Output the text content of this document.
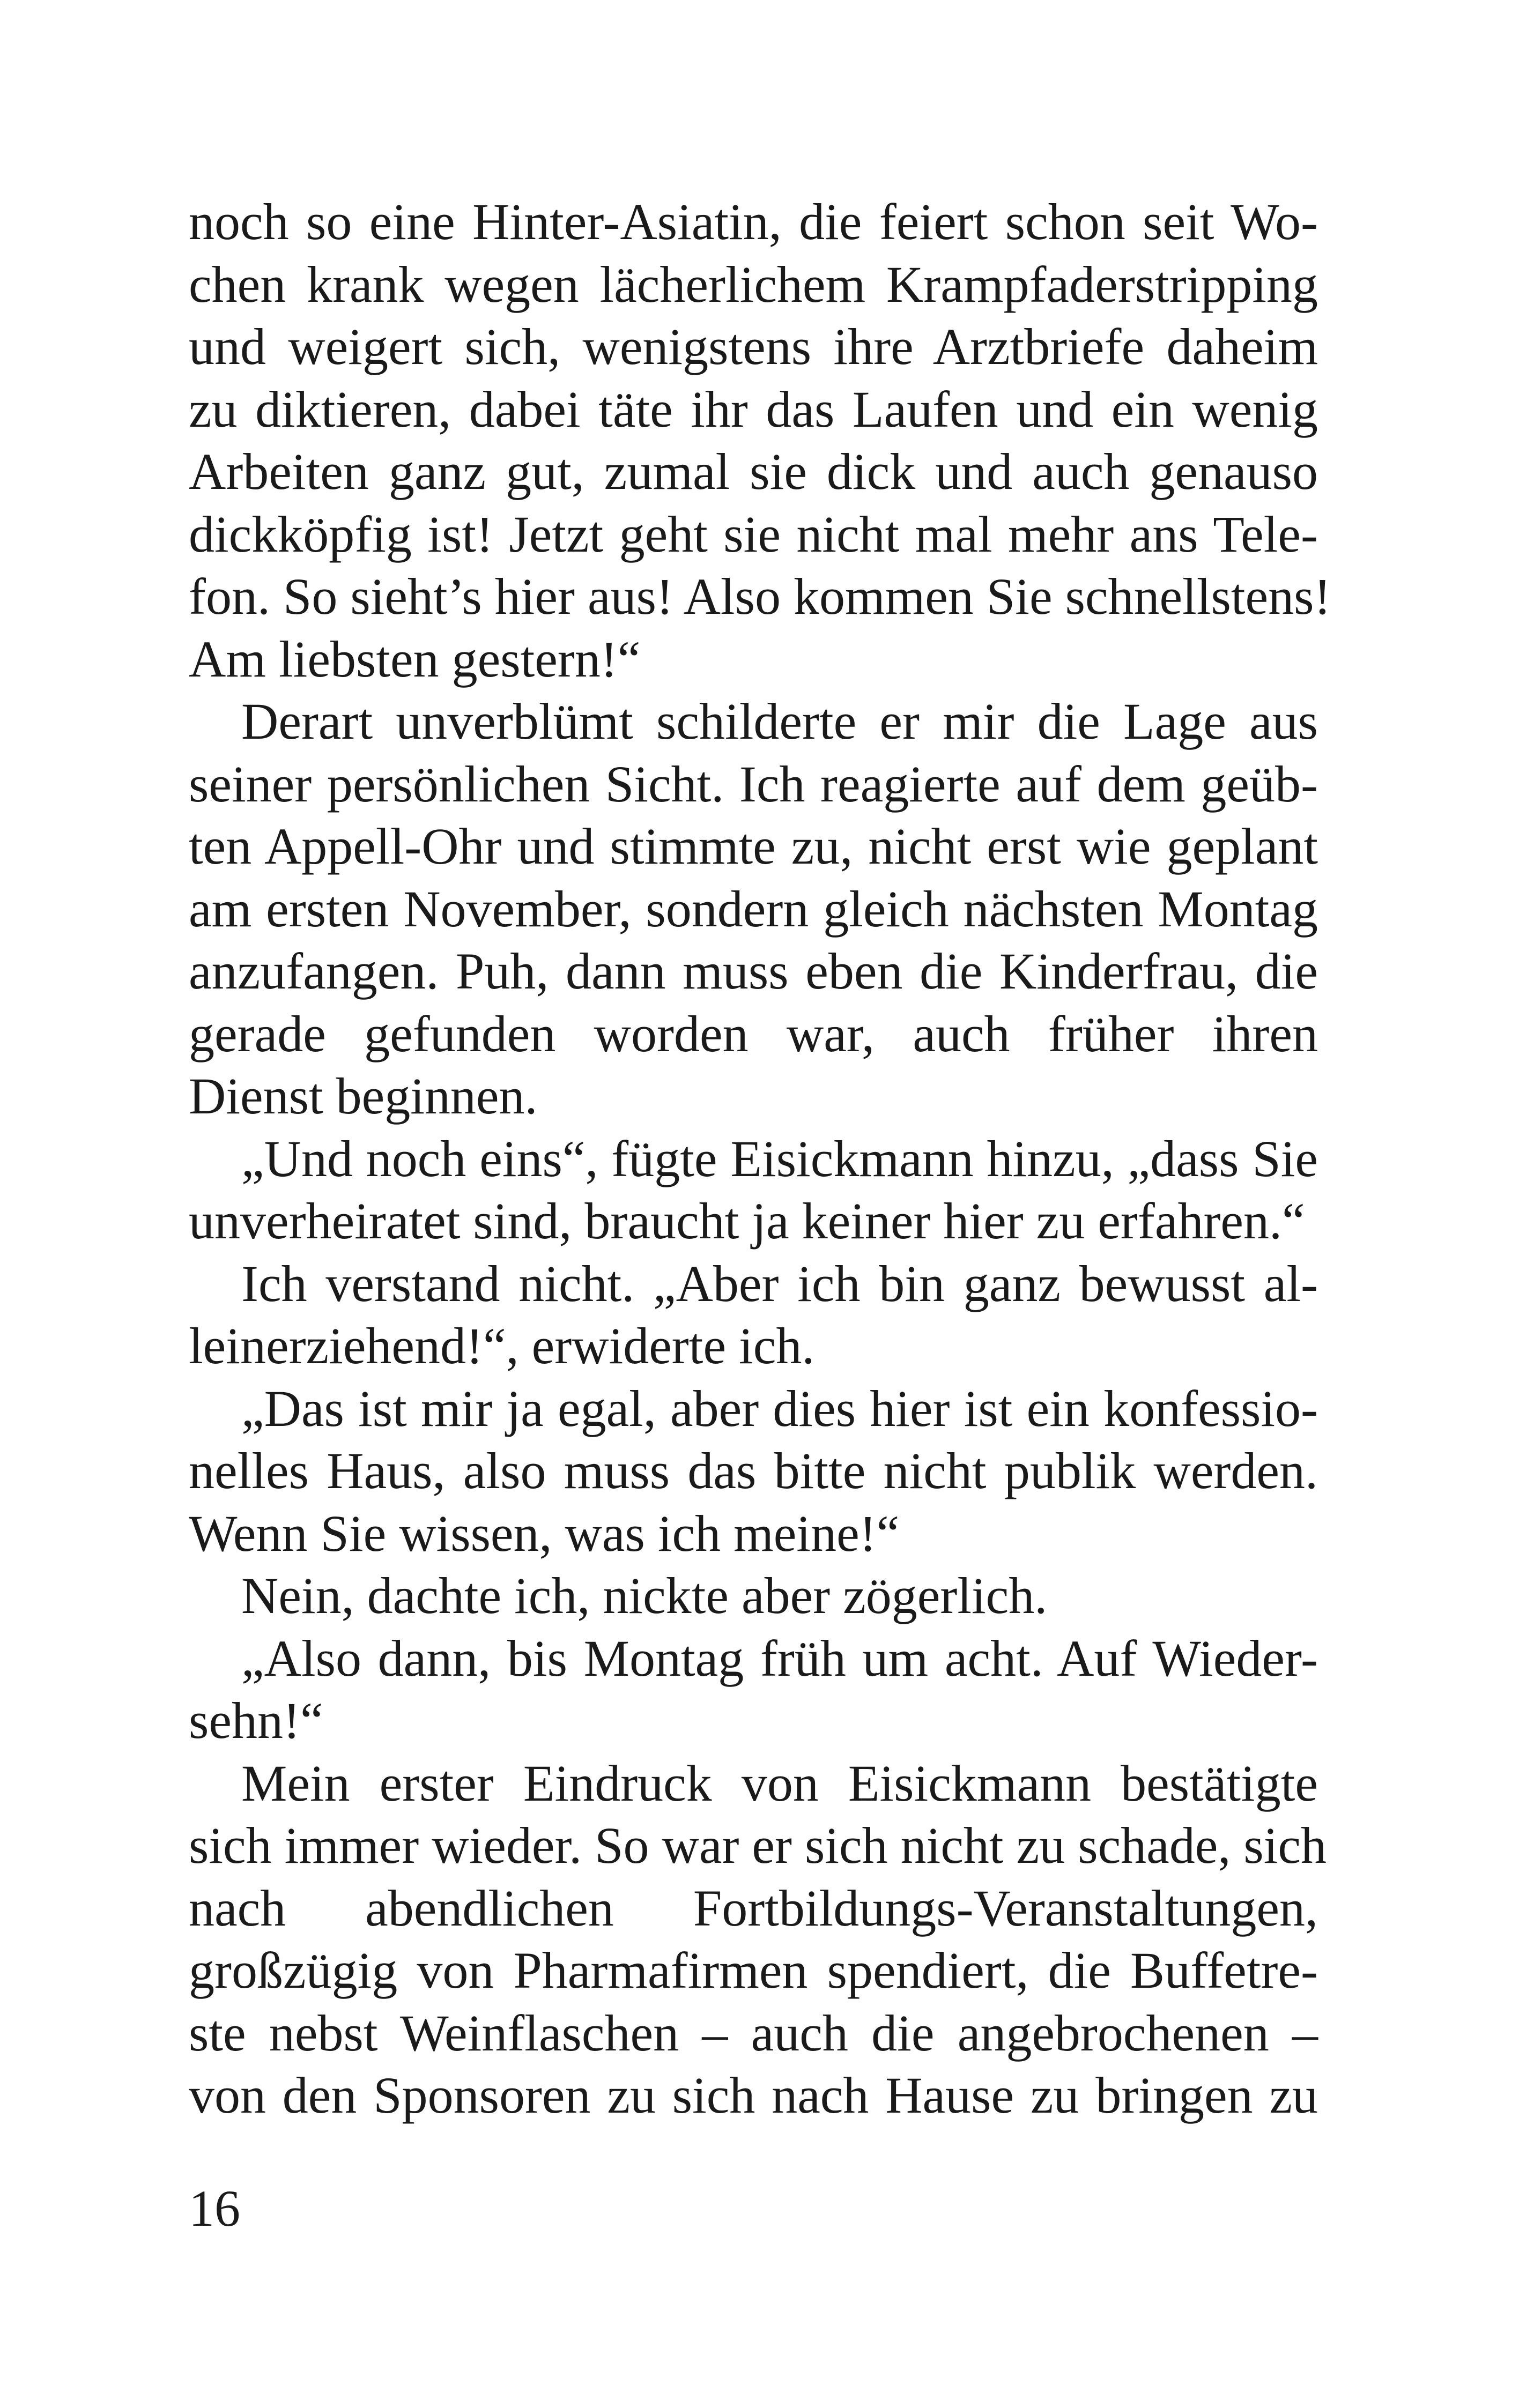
noch so eine Hinter-Asiatin, die feiert schon seit Wo-
chen krank wegen lächerlichem Krampfaderstripping
und weigert sich, wenigstens ihre Arztbriefe daheim
zu diktieren, dabei täte ihr das Laufen und ein wenig
Arbeiten ganz gut, zumal sie dick und auch genauso
dickköpfig ist! Jetzt geht sie nicht mal mehr ans Tele-
fon. So sieht’s hier aus! Also kommen Sie schnellstens!
Am liebsten gestern!“
Derart unverblümt schilderte er mir die Lage aus
seiner persönlichen Sicht. Ich reagierte auf dem geüb-
ten Appell-Ohr und stimmte zu, nicht erst wie geplant
am ersten November, sondern gleich nächsten Montag
anzufangen. Puh, dann muss eben die Kinderfrau, die
gerade gefunden worden war, auch früher ihren
Dienst beginnen.
„Und noch eins“, fügte Eisickmann hinzu, „dass Sie
unverheiratet sind, braucht ja keiner hier zu erfahren.“
Ich verstand nicht. „Aber ich bin ganz bewusst al-
leinerziehend!“, erwiderte ich.
„Das ist mir ja egal, aber dies hier ist ein konfessio-
nelles Haus, also muss das bitte nicht publik werden.
Wenn Sie wissen, was ich meine!“
Nein, dachte ich, nickte aber zögerlich.
„Also dann, bis Montag früh um acht. Auf Wieder-
sehn!“
Mein erster Eindruck von Eisickmann bestätigte
sich immer wieder. So war er sich nicht zu schade, sich
nach abendlichen Fortbildungs-Veranstaltungen,
großzügig von Pharmafirmen spendiert, die Buffetre-
ste nebst Weinflaschen – auch die angebrochenen –
von den Sponsoren zu sich nach Hause zu bringen zu
16
